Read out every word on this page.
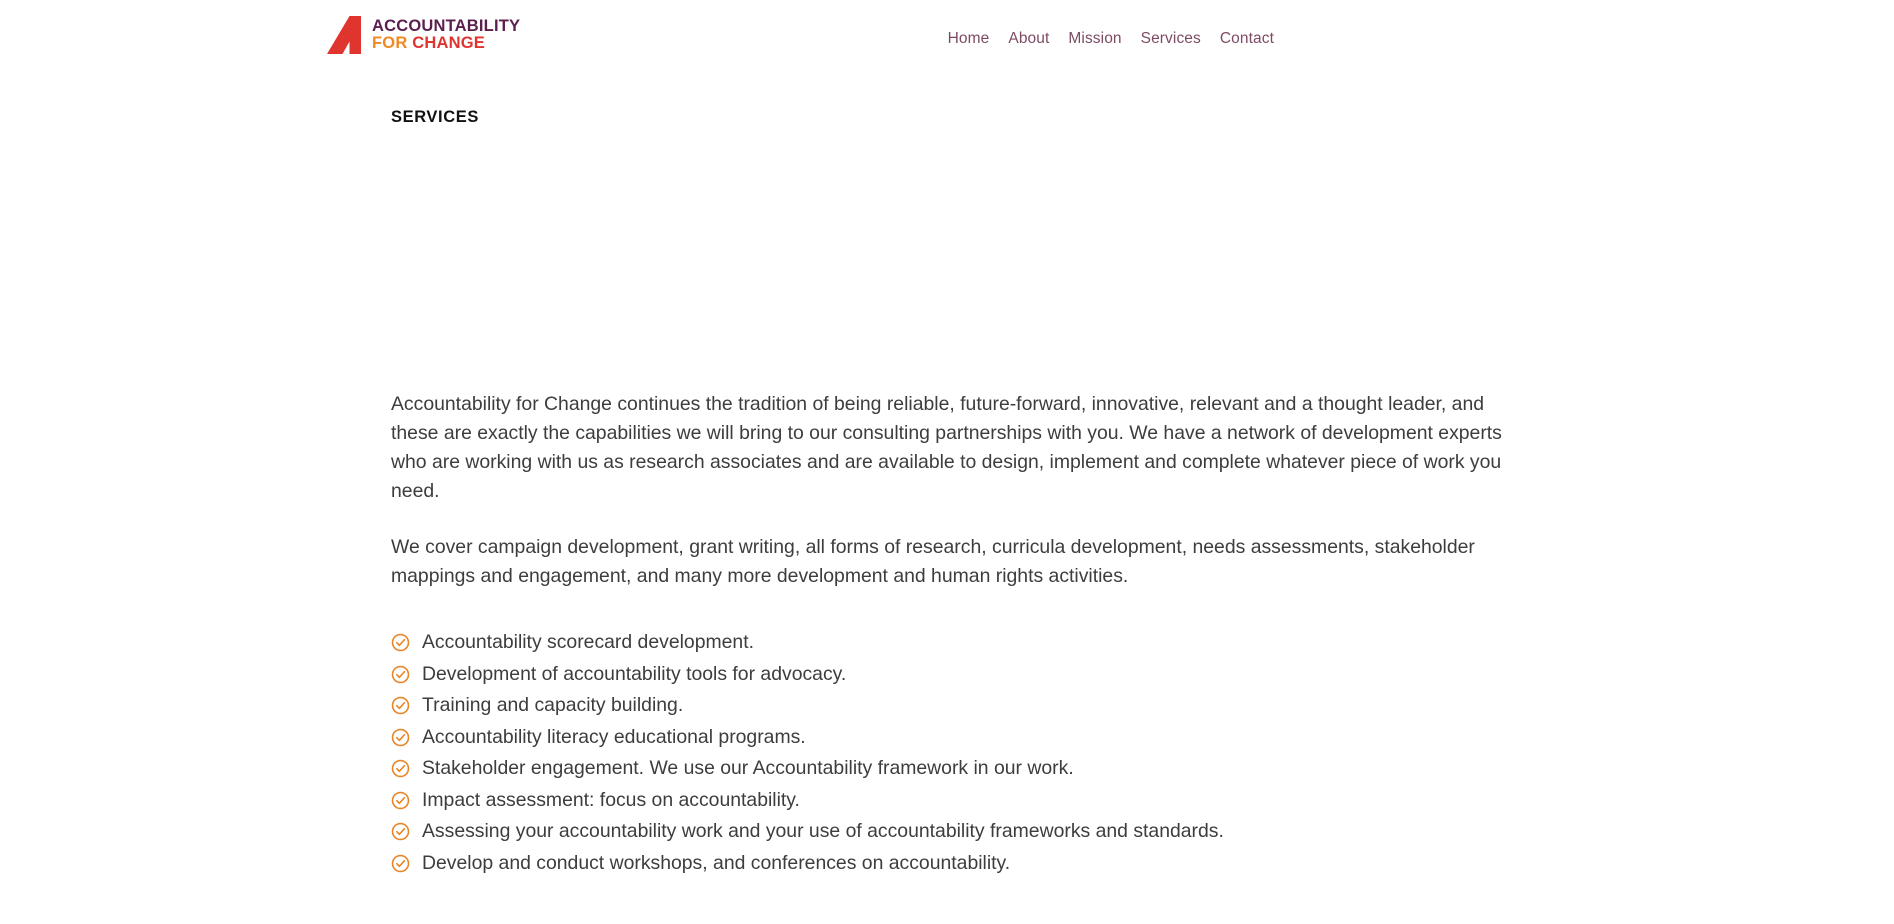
ACCOUNTABILITY
FOR CHANGE	Home About Mission Services Contact
SERVICES

Accountability for Change continues the tradition of being reliable, future-forward, innovative, relevant and a thought leader, and these are exactly the capabilities we will bring to our consulting partnerships with you. We have a network of development experts who are working with us as research associates and are available to design, implement and complete whatever piece of work you need.

We cover campaign development, grant writing, all forms of research, curricula development, needs assessments, stakeholder mappings and engagement, and many more development and human rights activities.

Accountability scorecard development.
Development of accountability tools for advocacy.
Training and capacity building.
Accountability literacy educational programs.
Stakeholder engagement. We use our Accountability framework in our work.
Impact assessment: focus on accountability.
Assessing your accountability work and your use of accountability frameworks and standards.
Develop and conduct workshops, and conferences on accountability.
